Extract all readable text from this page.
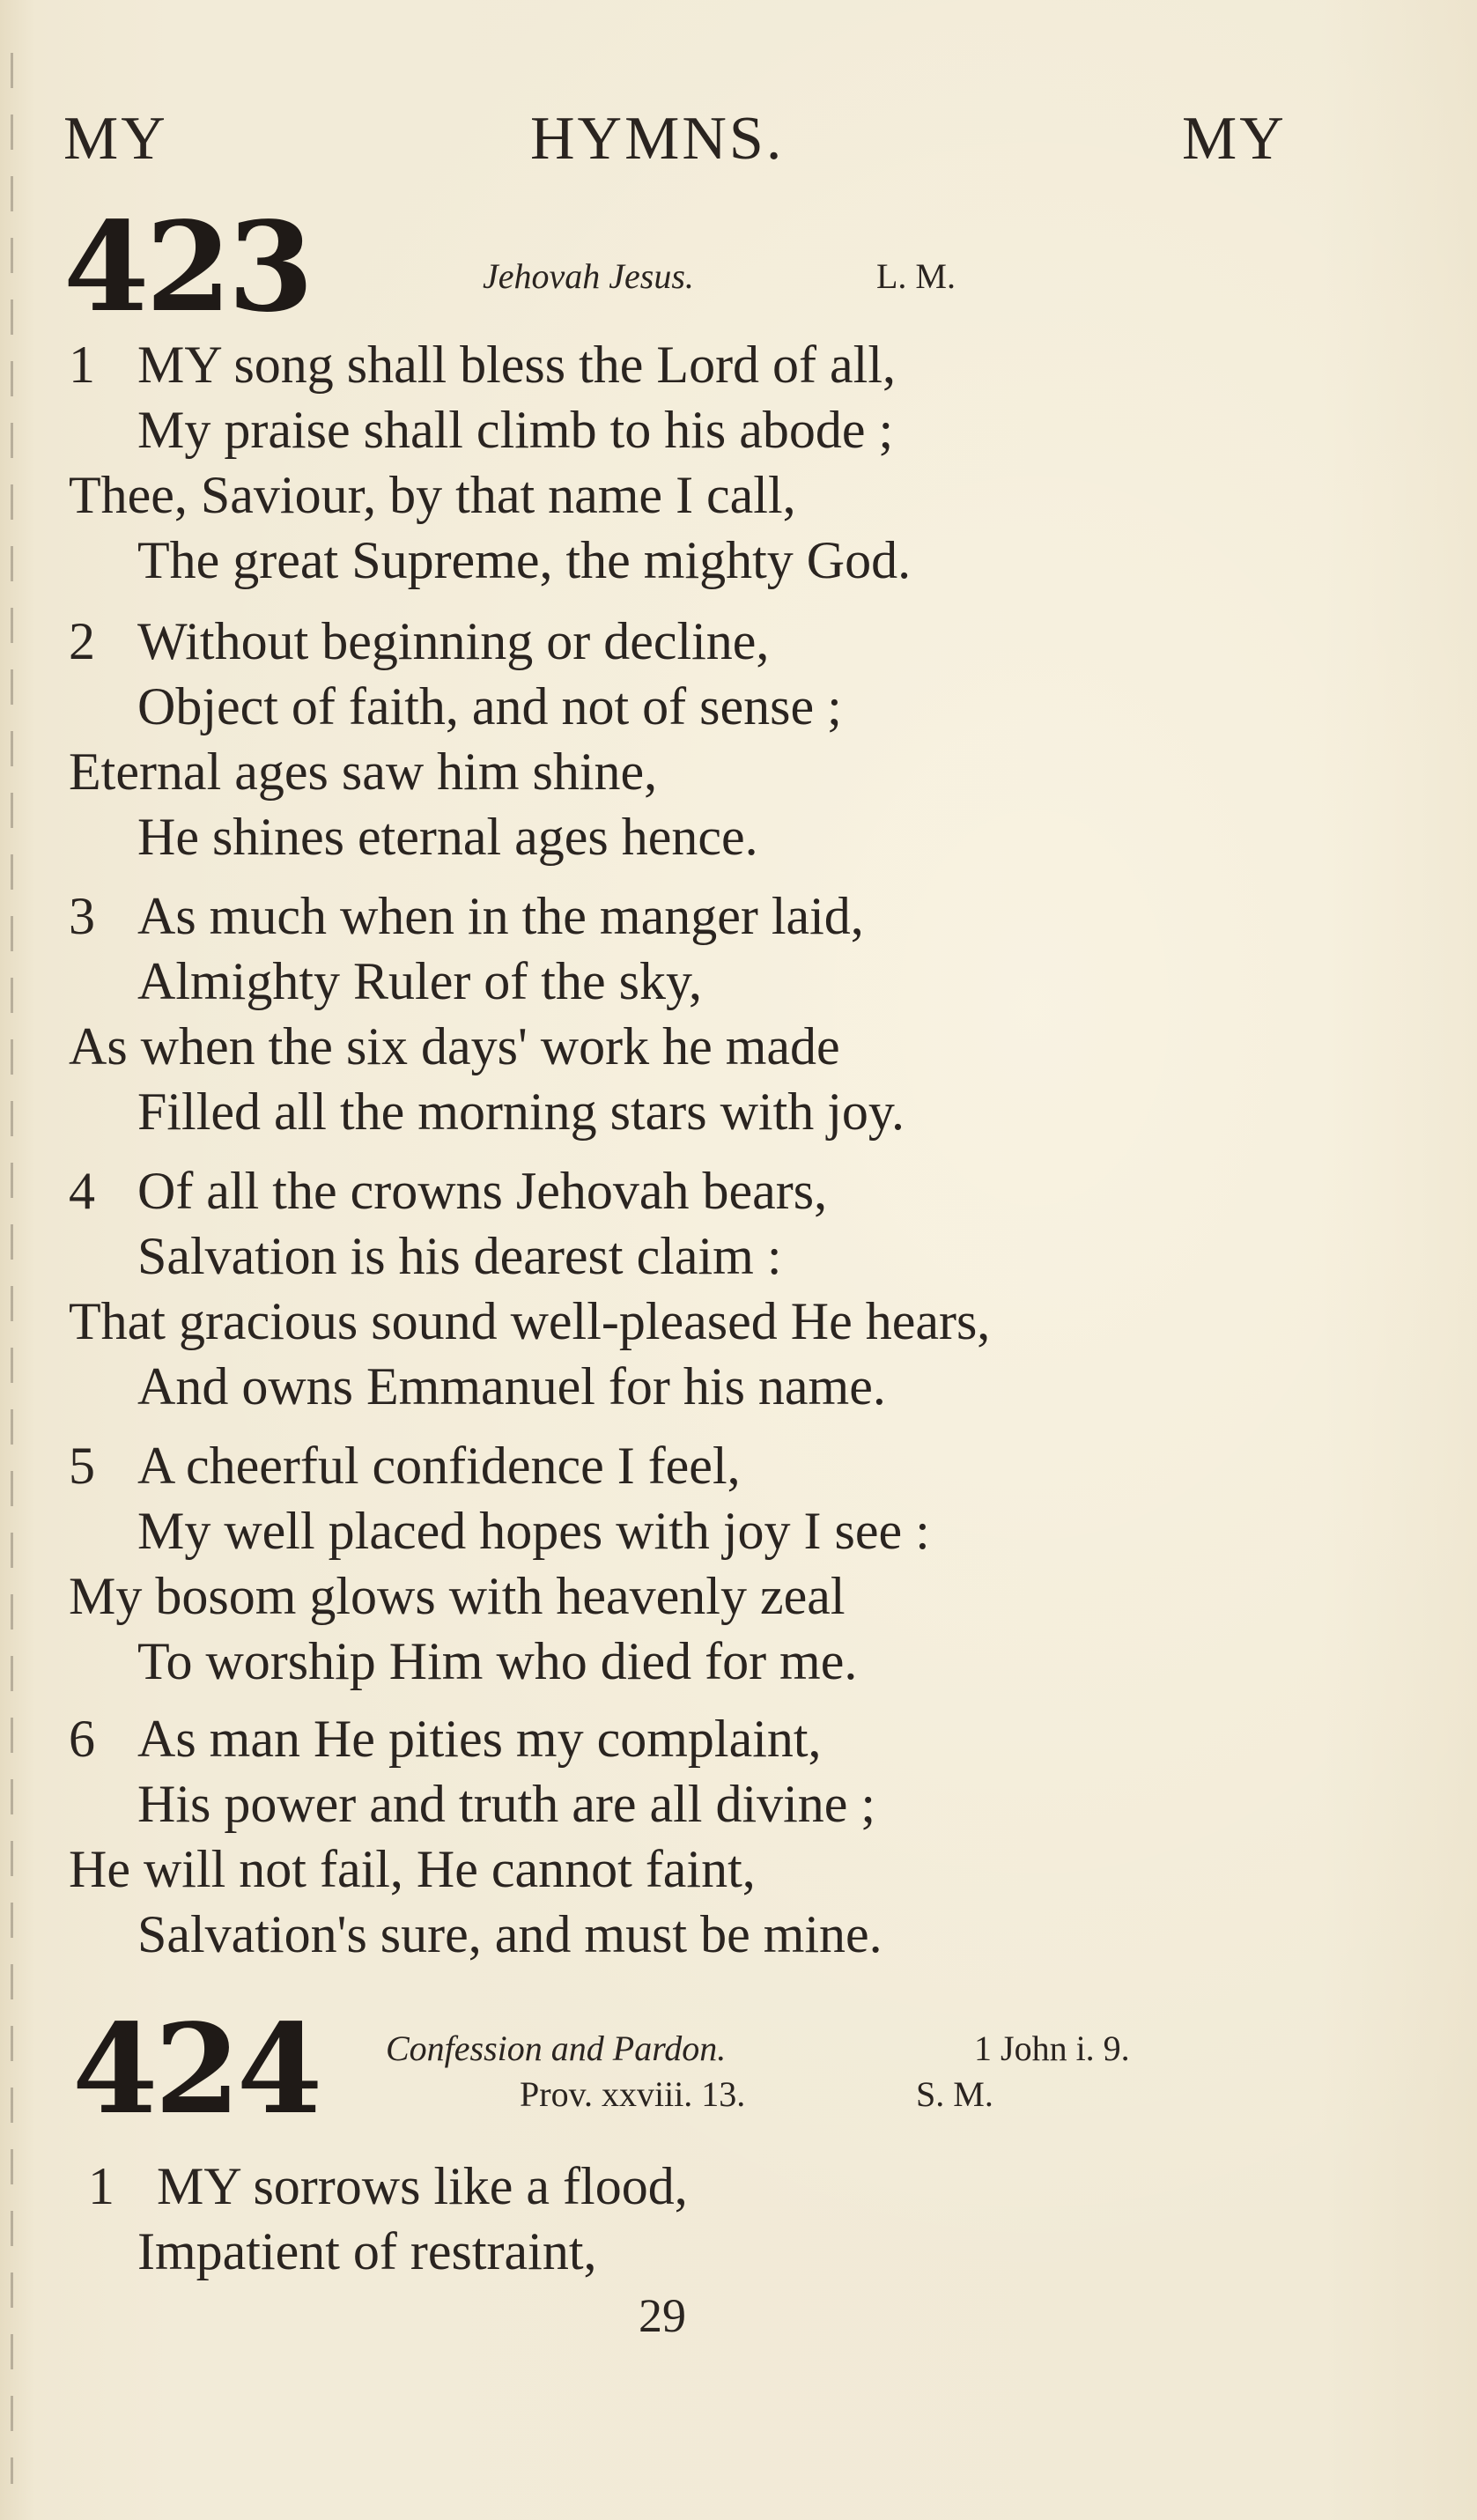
MY	HYMNS.	MY
423	Jehovah Jesus.	L. M.
1 MY song shall bless the Lord of all,
My praise shall climb to his abode ;
Thee, Saviour, by that name I call,
The great Supreme, the mighty God.
2 Without beginning or decline,
Object of faith, and not of sense ;
Eternal ages saw him shine,
He shines eternal ages hence.
3 As much when in the manger laid,
Almighty Ruler of the sky,
As when the six days' work he made
Filled all the morning stars with joy.
4 Of all the crowns Jehovah bears,
Salvation is his dearest claim :
That gracious sound well-pleased He hears,
And owns Emmanuel for his name.
5 A cheerful confidence I feel,
My well placed hopes with joy I see :
My bosom glows with heavenly zeal
To worship Him who died for me.
6 As man He pities my complaint,
His power and truth are all divine ;
He will not fail, He cannot faint,
Salvation's sure, and must be mine.
424 Confession and Pardon.	1 John i. 9.
Prov. xxviii. 13.	S. M.
1 MY sorrows like a flood,
Impatient of restraint,
29
